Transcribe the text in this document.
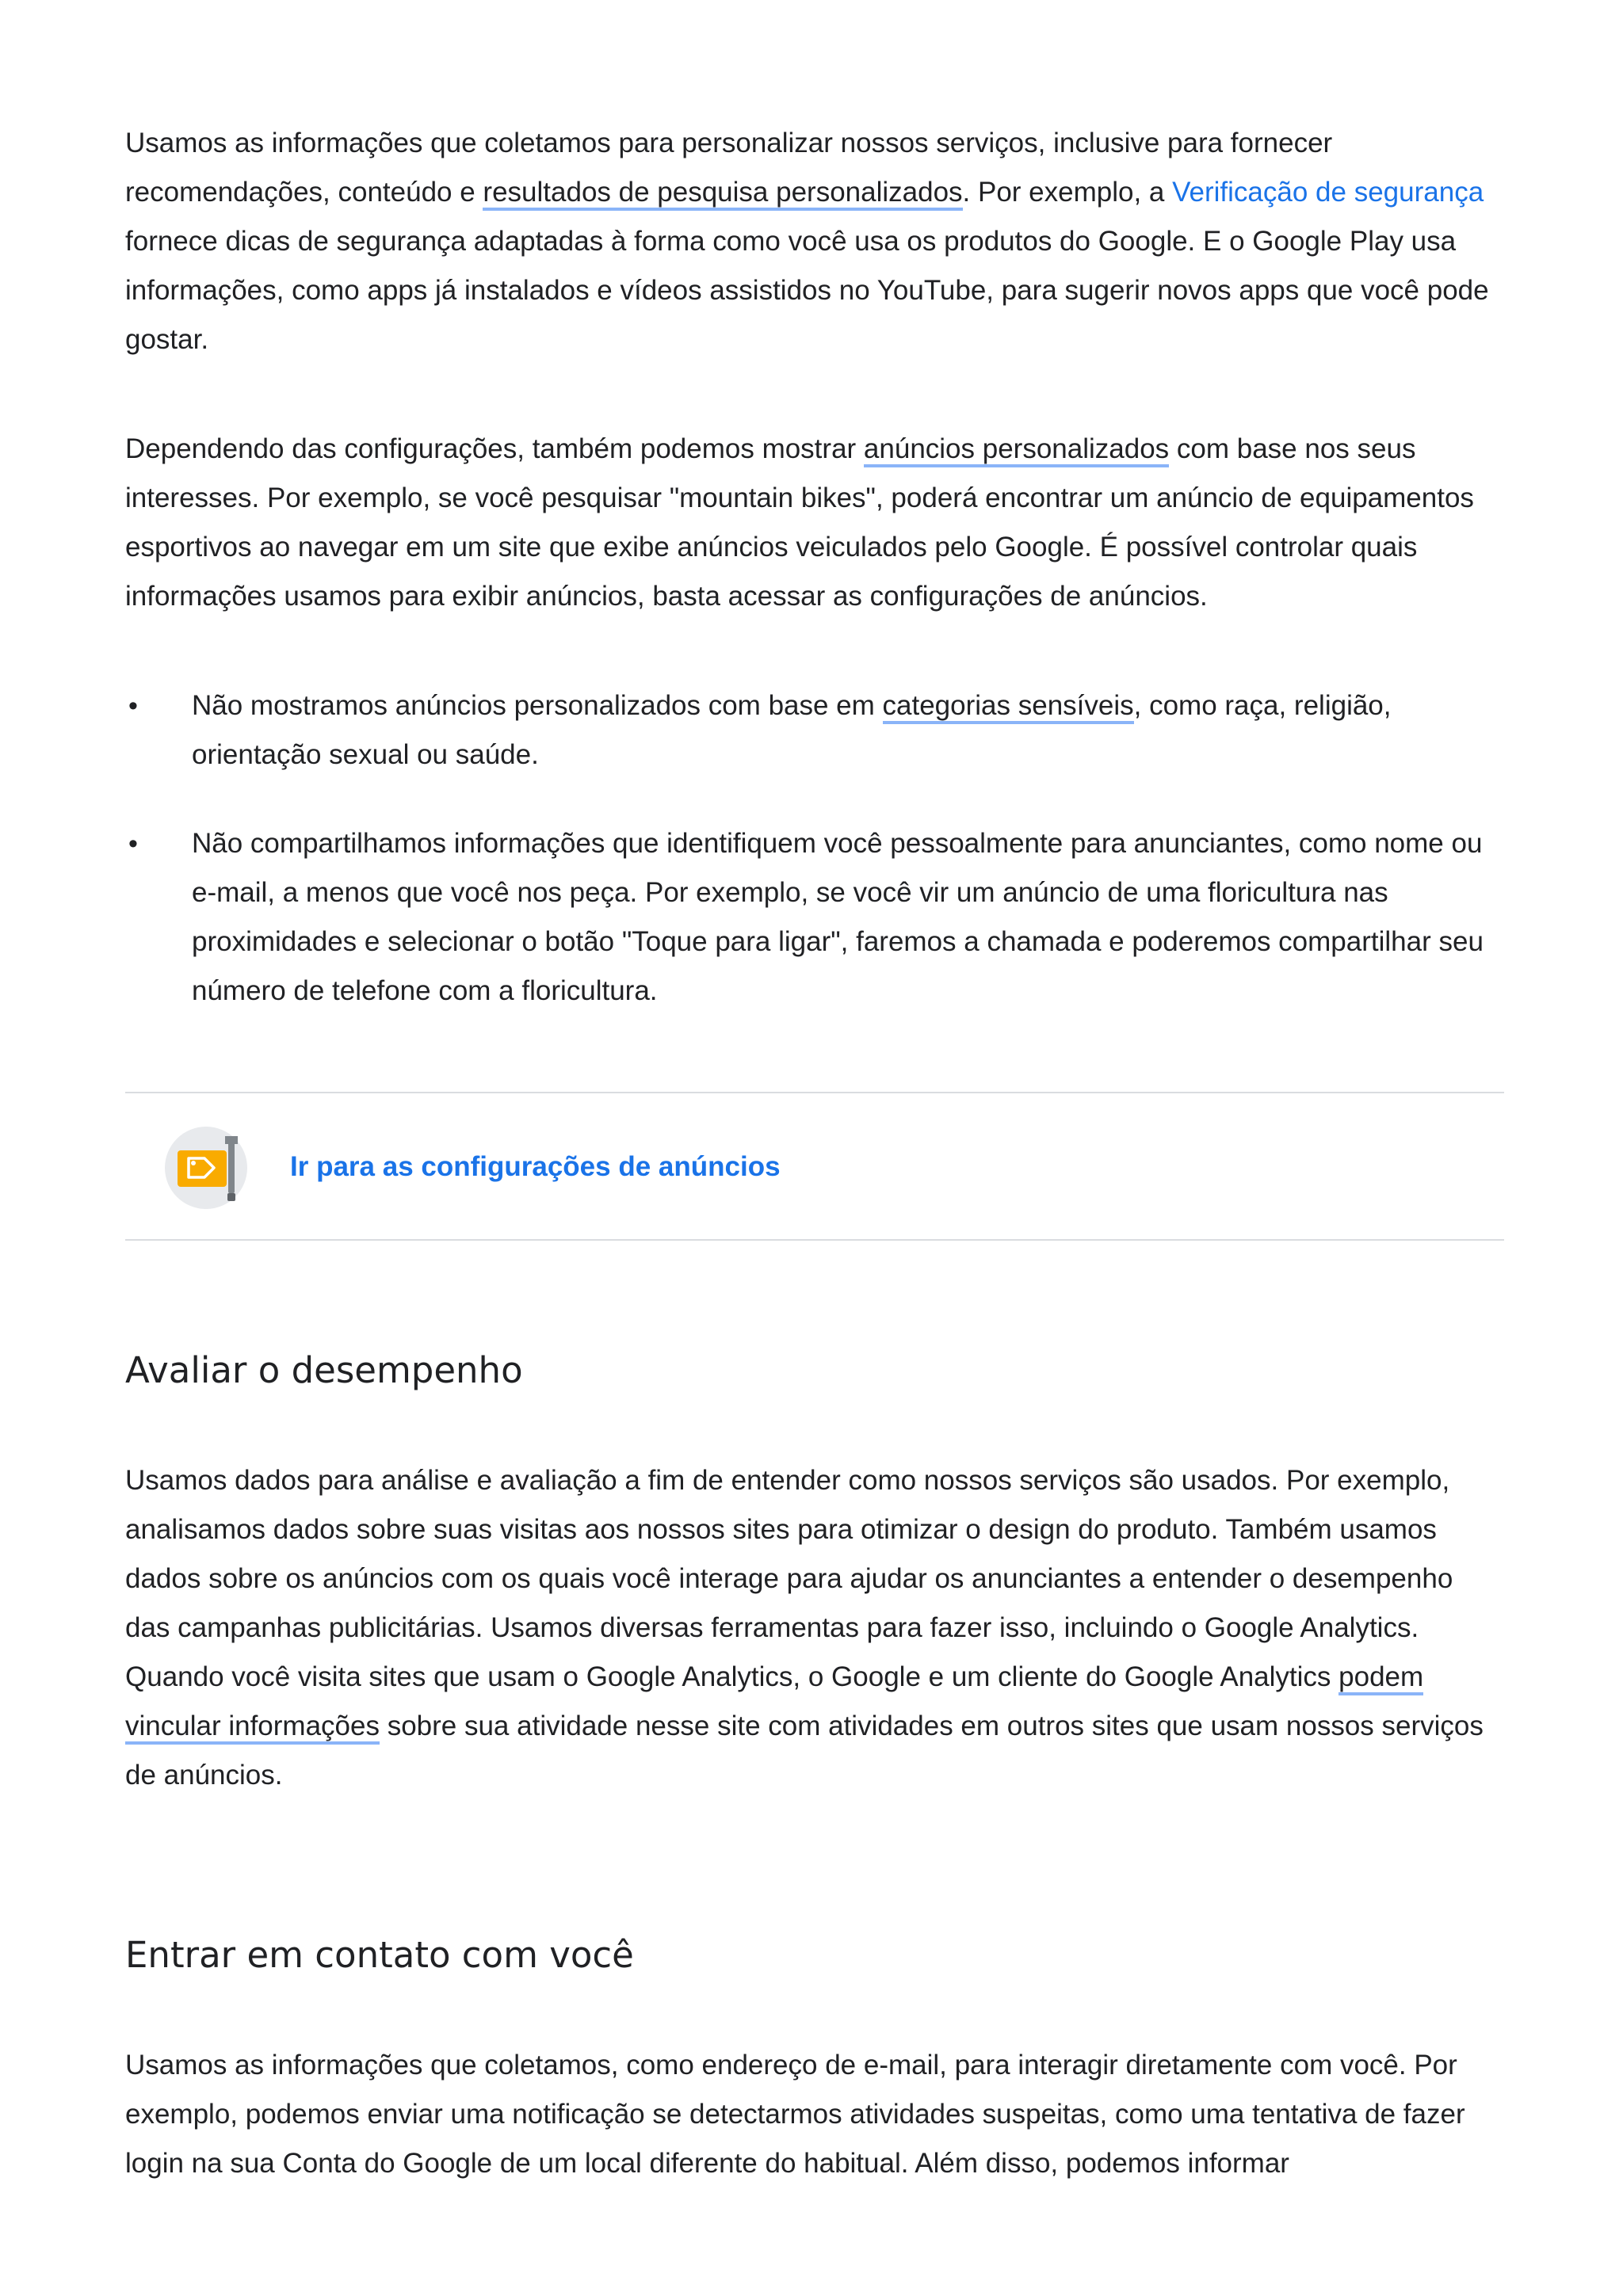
Usamos as informações que coletamos para personalizar nossos serviços, inclusive para fornecer recomendações, conteúdo e resultados de pesquisa personalizados. Por exemplo, a Verificação de segurança fornece dicas de segurança adaptadas à forma como você usa os produtos do Google. E o Google Play usa informações, como apps já instalados e vídeos assistidos no YouTube, para sugerir novos apps que você pode gostar.

Dependendo das configurações, também podemos mostrar anúncios personalizados com base nos seus interesses. Por exemplo, se você pesquisar "mountain bikes", poderá encontrar um anúncio de equipamentos esportivos ao navegar em um site que exibe anúncios veiculados pelo Google. É possível controlar quais informações usamos para exibir anúncios, basta acessar as configurações de anúncios.

• Não mostramos anúncios personalizados com base em categorias sensíveis, como raça, religião, orientação sexual ou saúde.
• Não compartilhamos informações que identifiquem você pessoalmente para anunciantes, como nome ou e-mail, a menos que você nos peça. Por exemplo, se você vir um anúncio de uma floricultura nas proximidades e selecionar o botão "Toque para ligar", faremos a chamada e poderemos compartilhar seu número de telefone com a floricultura.
Ir para as configurações de anúncios
Avaliar o desempenho

Usamos dados para análise e avaliação a fim de entender como nossos serviços são usados. Por exemplo, analisamos dados sobre suas visitas aos nossos sites para otimizar o design do produto. Também usamos dados sobre os anúncios com os quais você interage para ajudar os anunciantes a entender o desempenho das campanhas publicitárias. Usamos diversas ferramentas para fazer isso, incluindo o Google Analytics. Quando você visita sites que usam o Google Analytics, o Google e um cliente do Google Analytics podem vincular informações sobre sua atividade nesse site com atividades em outros sites que usam nossos serviços de anúncios.

Entrar em contato com você

Usamos as informações que coletamos, como endereço de e-mail, para interagir diretamente com você. Por exemplo, podemos enviar uma notificação se detectarmos atividades suspeitas, como uma tentativa de fazer login na sua Conta do Google de um local diferente do habitual. Além disso, podemos informar
